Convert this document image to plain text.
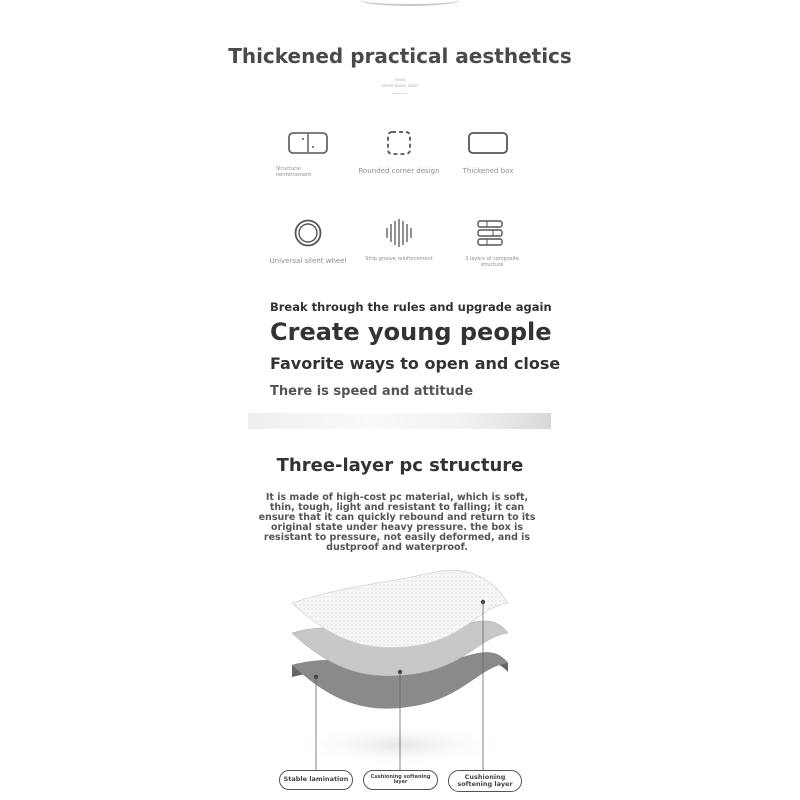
Thickened practical aesthetics
www
online boxes cabin
──── ──
Structural reinforcement	Rounded corner design	Thickened box
Universal silent wheel	Strip groove reinforcement	3 layers of composite structure
Break through the rules and upgrade again
Create young people
Favorite ways to open and close
There is speed and attitude
Three-layer pc structure
It is made of high-cost pc material, which is soft, thin, tough, light and resistant to falling; it can ensure that it can quickly rebound and return to its original state under heavy pressure. the box is resistant to pressure, not easily deformed, and is dustproof and waterproof.
Stable lamination	Cushioning softening layer
Cushioning softening layer
